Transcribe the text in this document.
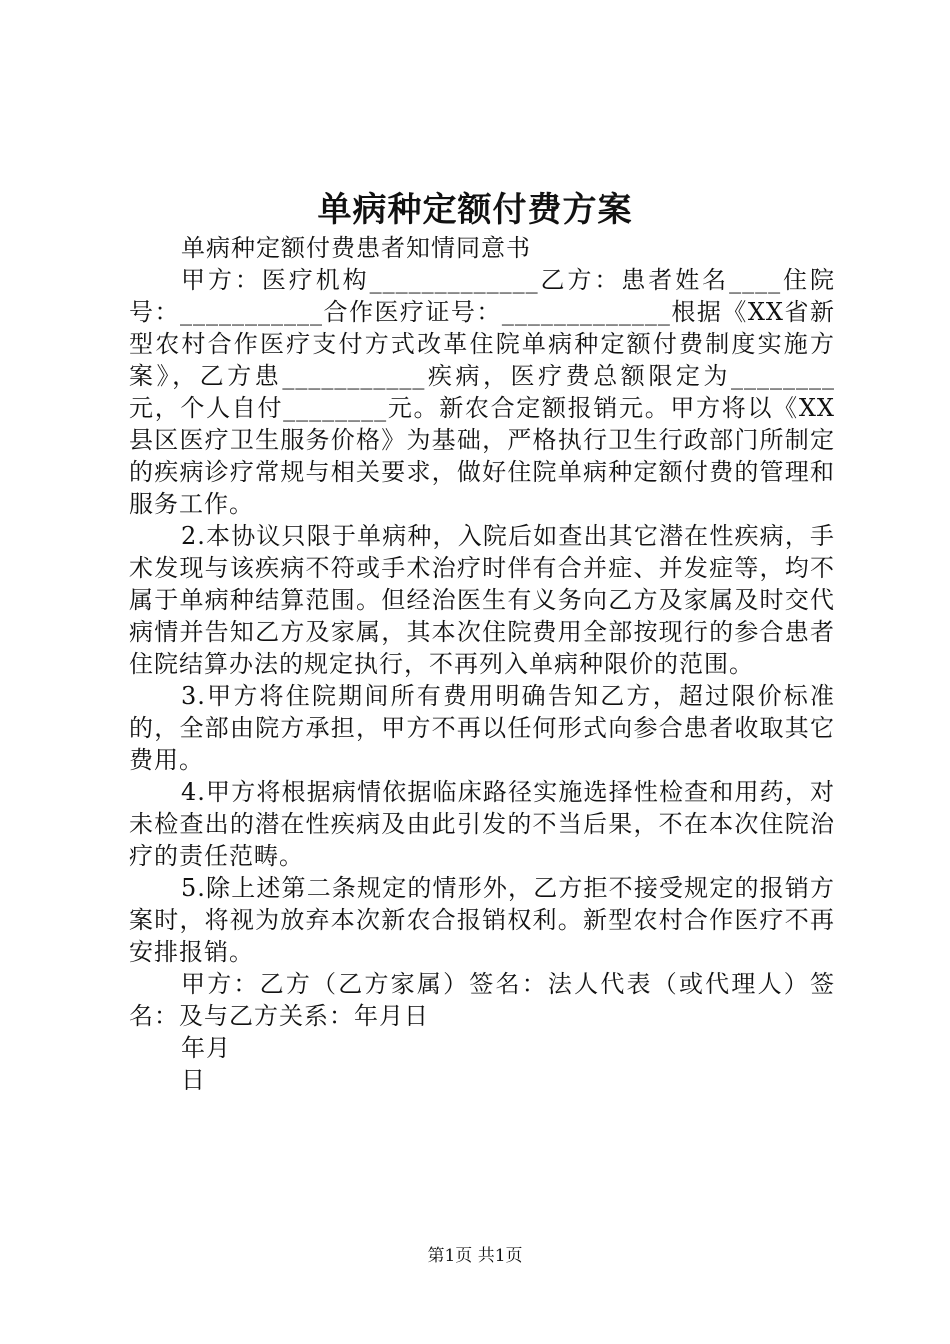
单病种定额付费方案

单病种定额付费患者知情同意书

甲方：医疗机构_____________乙方：患者姓名____住院号：___________合作医疗证号：_____________根据《XX省新型农村合作医疗支付方式改革住院单病种定额付费制度实施方案》，乙方患___________疾病，医疗费总额限定为________元，个人自付________元。新农合定额报销元。甲方将以《XX县区医疗卫生服务价格》为基础，严格执行卫生行政部门所制定的疾病诊疗常规与相关要求，做好住院单病种定额付费的管理和服务工作。

2.本协议只限于单病种，入院后如查出其它潜在性疾病，手术发现与该疾病不符或手术治疗时伴有合并症、并发症等，均不属于单病种结算范围。但经治医生有义务向乙方及家属及时交代病情并告知乙方及家属，其本次住院费用全部按现行的参合患者住院结算办法的规定执行，不再列入单病种限价的范围。

3.甲方将住院期间所有费用明确告知乙方，超过限价标准的，全部由院方承担，甲方不再以任何形式向参合患者收取其它费用。

4.甲方将根据病情依据临床路径实施选择性检查和用药，对未检查出的潜在性疾病及由此引发的不当后果，不在本次住院治疗的责任范畴。

5.除上述第二条规定的情形外，乙方拒不接受规定的报销方案时，将视为放弃本次新农合报销权利。新型农村合作医疗不再安排报销。

甲方：乙方（乙方家属）签名：法人代表（或代理人）签名：及与乙方关系：年月日

年月

日

第1页 共1页
